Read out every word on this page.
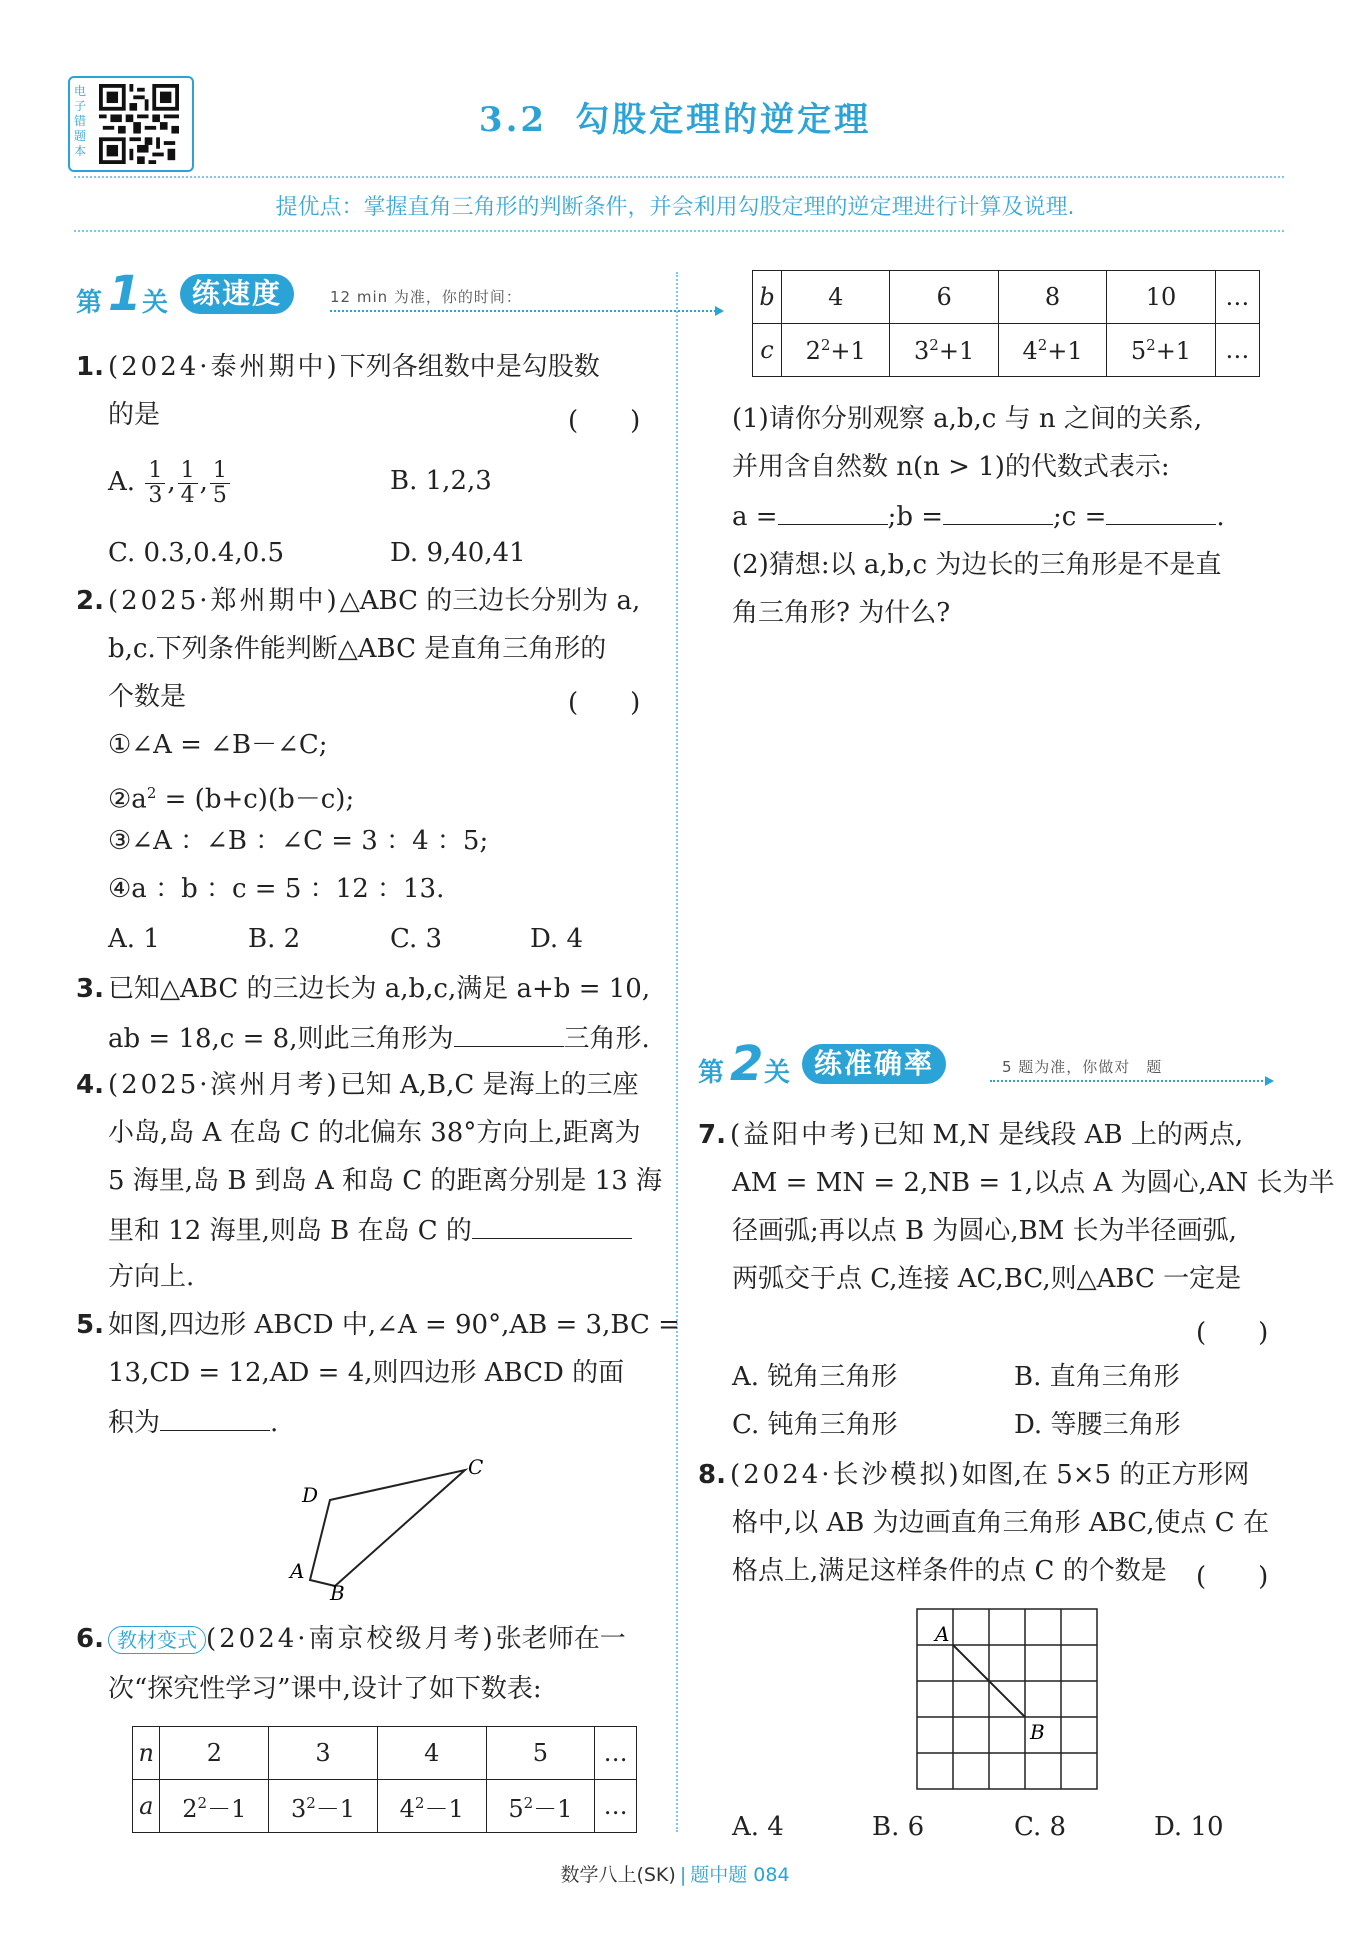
电子错题本
3.2 勾股定理的逆定理
提优点：掌握直角三角形的判断条件，并会利用勾股定理的逆定理进行计算及说理.
第 1 关 练速度	12 min 为准，你的时间：
1. (2024·泰州期中)下列各组数中是勾股数
的是	(　　)
A. $\frac{1}{3}$ , $\frac{1}{4}$ , $\frac{1}{5}$	B. 1,2,3
C. 0.3,0.4,0.5	D. 9,40,41
2. (2025·郑州期中)△ABC 的三边长分别为 a,
b,c.下列条件能判断△ABC 是直角三角形的
个数是	(　　)
①∠A = ∠B－∠C;
$②a^2 = (b+c)(b-c)$;
③∠A ：∠B ：∠C = 3 ：4 ：5;
④a ：b ：c = 5 ：12 ：13.
A. 1	B. 2	C. 3	D. 4
3. 已知△ABC 的三边长为 a,b,c,满足 a+b = 10,
ab = 18,c = 8,则此三角形为	三角形.
4. (2025·滨州月考)已知 A,B,C 是海上的三座
小岛,岛 A 在岛 C 的北偏东 38°方向上,距离为
5 海里,岛 B 到岛 A 和岛 C 的距离分别是 13 海
里和 12 海里,则岛 B 在岛 C 的
方向上.
5. 如图,四边形 ABCD 中,∠A = 90°,AB = 3,BC =
13,CD = 12,AD = 4,则四边形 ABCD 的面
积为	.
A
B
C
D
6. 教材变式 (2024·南京校级月考)张老师在一
次“探究性学习”课中,设计了如下数表:
n	2	3	4	5	…
a	$2^2-1$	$3^2-1$	$4^2-1$	$5^2-1$	…
b	4	6	8	10	…
c	$2^2+1$	$3^2+1$	$4^2+1$	$5^2+1$	…
(1)请你分别观察 a,b,c 与 n 之间的关系,
并用含自然数 n(n > 1)的代数式表示:
a =	;b =	;c =	.
(2)猜想:以 a,b,c 为边长的三角形是不是直
角三角形? 为什么?
第 2 关 练准确率	5 题为准，你做对　题
7. (益阳中考)已知 M,N 是线段 AB 上的两点,
AM = MN = 2,NB = 1,以点 A 为圆心,AN 长为半
径画弧;再以点 B 为圆心,BM 长为半径画弧,
两弧交于点 C,连接 AC,BC,则△ABC 一定是
(　　)
A. 锐角三角形	B. 直角三角形
C. 钝角三角形	D. 等腰三角形
8. (2024·长沙模拟)如图,在 5×5 的正方形网
格中,以 AB 为边画直角三角形 ABC,使点 C 在
格点上,满足这样条件的点 C 的个数是 (　　)
A
B
A. 4	B. 6	C. 8	D. 10
数学八上(SK) | 题中题 084
